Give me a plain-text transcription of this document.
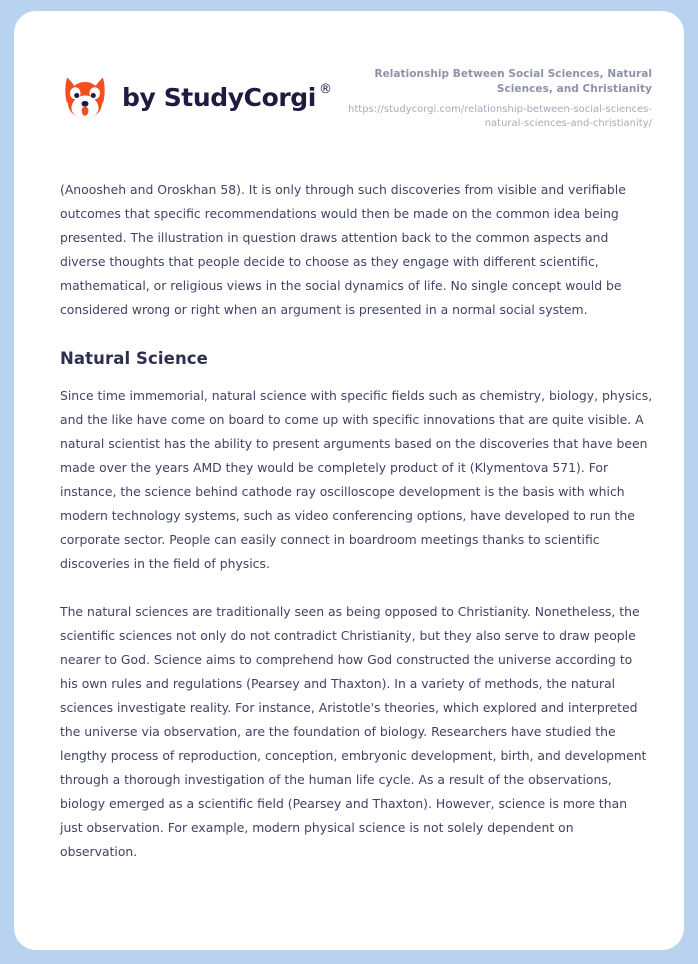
by StudyCorgi ®

Relationship Between Social Sciences, Natural Sciences, and Christianity

https://studycorgi.com/relationship-between-social-sciences-natural-sciences-and-christianity/

(Anoosheh and Oroskhan 58). It is only through such discoveries from visible and verifiable outcomes that specific recommendations would then be made on the common idea being presented. The illustration in question draws attention back to the common aspects and diverse thoughts that people decide to choose as they engage with different scientific, mathematical, or religious views in the social dynamics of life. No single concept would be considered wrong or right when an argument is presented in a normal social system.

Natural Science

Since time immemorial, natural science with specific fields such as chemistry, biology, physics, and the like have come on board to come up with specific innovations that are quite visible. A natural scientist has the ability to present arguments based on the discoveries that have been made over the years AMD they would be completely product of it (Klymentova 571). For instance, the science behind cathode ray oscilloscope development is the basis with which modern technology systems, such as video conferencing options, have developed to run the corporate sector. People can easily connect in boardroom meetings thanks to scientific discoveries in the field of physics.

The natural sciences are traditionally seen as being opposed to Christianity. Nonetheless, the scientific sciences not only do not contradict Christianity, but they also serve to draw people nearer to God. Science aims to comprehend how God constructed the universe according to his own rules and regulations (Pearsey and Thaxton). In a variety of methods, the natural sciences investigate reality. For instance, Aristotle's theories, which explored and interpreted the universe via observation, are the foundation of biology. Researchers have studied the lengthy process of reproduction, conception, embryonic development, birth, and development through a thorough investigation of the human life cycle. As a result of the observations, biology emerged as a scientific field (Pearsey and Thaxton). However, science is more than just observation. For example, modern physical science is not solely dependent on observation.
